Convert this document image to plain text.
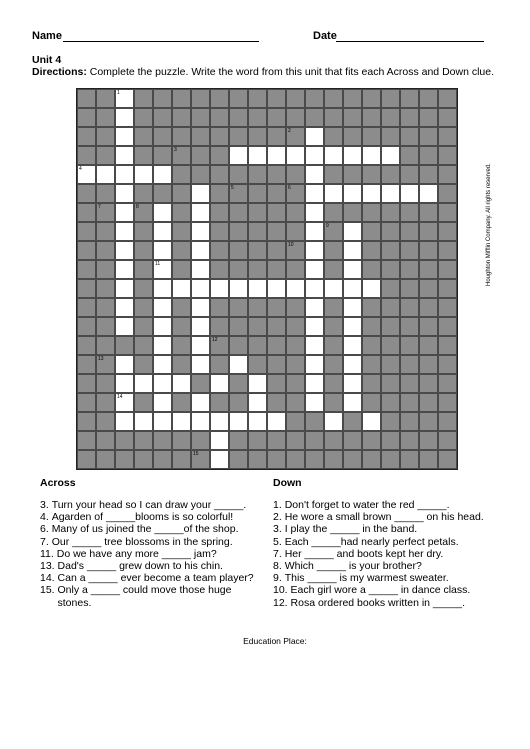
Name	Date
Unit 4
Directions: Complete the puzzle. Write the word from this unit that fits each Across and Down clue.
1
2
3
4
5	6
7	8
9
10
11
12
13
14
15
Houghton Mifflin Company. All rights reserved.
Across	Down
3. Turn your head so I can draw your _____.
4. Agarden of _____blooms is so colorful!
6. Many of us joined the _____of the shop.
7. Our _____ tree blossoms in the spring.
11. Do we have any more _____ jam?
13. Dad's _____ grew down to his chin.
14. Can a _____ ever become a team player?
15. Only a _____ could move those huge stones.
1. Don't forget to water the red _____.
2. He wore a small brown _____ on his head.
3. I play the _____ in the band.
5. Each _____had nearly perfect petals.
7. Her _____ and boots kept her dry.
8. Which _____ is your brother?
9. This _____ is my warmest sweater.
10. Each girl wore a _____ in dance class.
12. Rosa ordered books written in _____.
Education Place:
